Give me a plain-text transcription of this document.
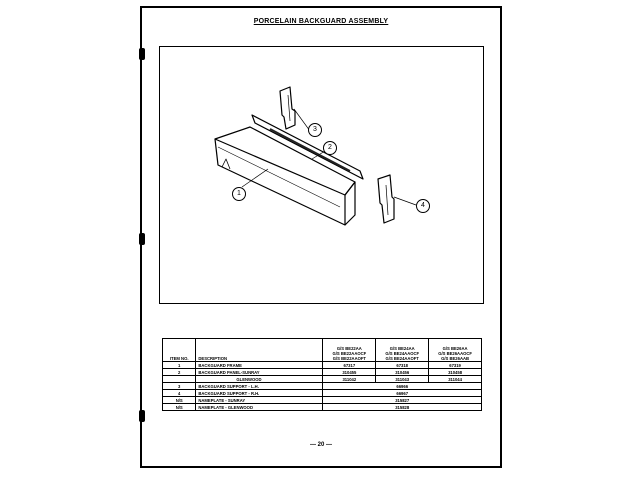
PORCELAIN BACKGUARD ASSEMBLY
1
2
3
4
ITEM NO.	DESCRIPTION	G/S BE22AA
G/S BE22AAOCF
G/S BE22AAOFT	G/S BE24AA
G/S BE24AAOCF
G/S BE24AAOFT	G/S BE26AA
G/S BE26AAOCF
G/S BE26AAB

1	BACKGUARD FRAME	67317	67318	67319
2	BACKGUARD PANEL-SUNRAY	310455	310456	310458
	GLENWOOD	311042	311043	311044
3	BACKGUARD SUPPORT - L.H.	66966		
4	BACKGUARD SUPPORT - R.H.	66967		
N/S	NAMEPLATE - SUNRAY	315827		
N/S	NAMEPLATE - GLENWOOD	315828		
— 20 —
